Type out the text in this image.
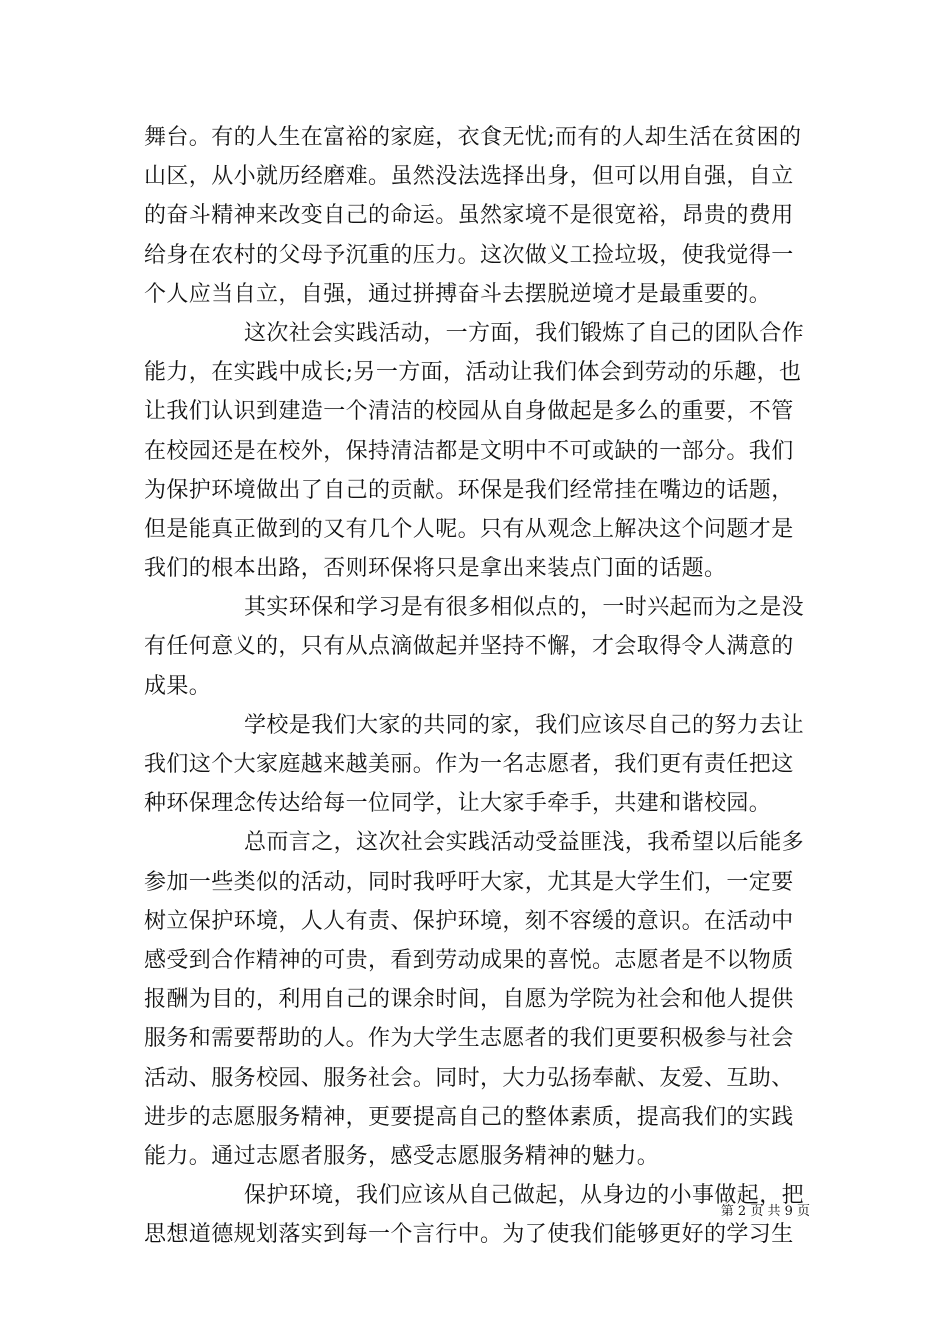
舞台。有的人生在富裕的家庭，衣食无忧;而有的人却生活在贫困的
山区，从小就历经磨难。虽然没法选择出身，但可以用自强，自立
的奋斗精神来改变自己的命运。虽然家境不是很宽裕，昂贵的费用
给身在农村的父母予沉重的压力。这次做义工捡垃圾，使我觉得一
个人应当自立，自强，通过拼搏奋斗去摆脱逆境才是最重要的。
这次社会实践活动，一方面，我们锻炼了自己的团队合作
能力，在实践中成长;另一方面，活动让我们体会到劳动的乐趣，也
让我们认识到建造一个清洁的校园从自身做起是多么的重要，不管
在校园还是在校外，保持清洁都是文明中不可或缺的一部分。我们
为保护环境做出了自己的贡献。环保是我们经常挂在嘴边的话题，
但是能真正做到的又有几个人呢。只有从观念上解决这个问题才是
我们的根本出路，否则环保将只是拿出来装点门面的话题。
其实环保和学习是有很多相似点的，一时兴起而为之是没
有任何意义的，只有从点滴做起并坚持不懈，才会取得令人满意的
成果。
学校是我们大家的共同的家，我们应该尽自己的努力去让
我们这个大家庭越来越美丽。作为一名志愿者，我们更有责任把这
种环保理念传达给每一位同学，让大家手牵手，共建和谐校园。
总而言之，这次社会实践活动受益匪浅，我希望以后能多
参加一些类似的活动，同时我呼吁大家，尤其是大学生们，一定要
树立保护环境，人人有责、保护环境，刻不容缓的意识。在活动中
感受到合作精神的可贵，看到劳动成果的喜悦。志愿者是不以物质
报酬为目的，利用自己的课余时间，自愿为学院为社会和他人提供
服务和需要帮助的人。作为大学生志愿者的我们更要积极参与社会
活动、服务校园、服务社会。同时，大力弘扬奉献、友爱、互助、
进步的志愿服务精神，更要提高自己的整体素质，提高我们的实践
能力。通过志愿者服务，感受志愿服务精神的魅力。
保护环境，我们应该从自己做起，从身边的小事做起，把
思想道德规划落实到每一个言行中。为了使我们能够更好的学习生
第 2 页 共 9 页
